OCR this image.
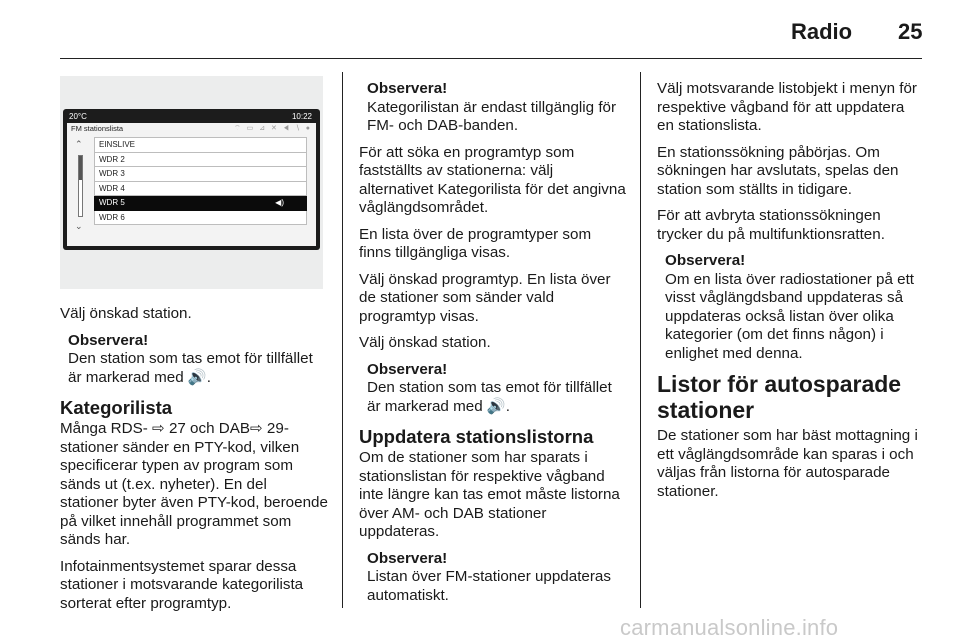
Radio 25
20°C	10:22
FM stationslista	⌔ ▭ ⊿ ✕ ◀ ∖ ●
⌃
⌄
EINSLIVE
WDR 2
WDR 3
WDR 4
WDR 5	◀)
WDR 6

Välj önskad station.

Observera!
Den station som tas emot för tillfället är markerad med 🔊.
Kategorilista

Många RDS- ⇨ 27 och DAB⇨ 29-stationer sänder en PTY-kod, vilken specificerar typen av program som sänds ut (t.ex. nyheter). En del stationer byter även PTY-kod, beroende på vilket innehåll programmet som sänds har.

Infotainmentsystemet sparar dessa stationer i motsvarande kategorilista sorterat efter programtyp.

Observera!
Kategorilistan är endast tillgänglig för FM- och DAB-banden.

För att söka en programtyp som fastställts av stationerna: välj alternativet Kategorilista för det angivna våglängdsområdet.

En lista över de programtyper som finns tillgängliga visas.

Välj önskad programtyp. En lista över de stationer som sänder vald programtyp visas.

Välj önskad station.

Observera!
Den station som tas emot för tillfället är markerad med 🔊.
Uppdatera stationslistorna

Om de stationer som har sparats i stationslistan för respektive vågband inte längre kan tas emot måste listorna över AM- och DAB stationer uppdateras.

Observera!
Listan över FM-stationer uppdateras automatiskt.

Välj motsvarande listobjekt i menyn för respektive vågband för att uppdatera en stationslista.

En stationssökning påbörjas. Om sökningen har avslutats, spelas den station som ställts in tidigare.

För att avbryta stationssökningen trycker du på multifunktionsratten.

Observera!
Om en lista över radiostationer på ett visst våglängdsband uppdateras så uppdateras också listan över olika kategorier (om det finns någon) i enlighet med denna.
Listor för autosparade stationer

De stationer som har bäst mottagning i ett våglängdsområde kan sparas i och väljas från listorna för autosparade stationer.

carmanualsonline.info
